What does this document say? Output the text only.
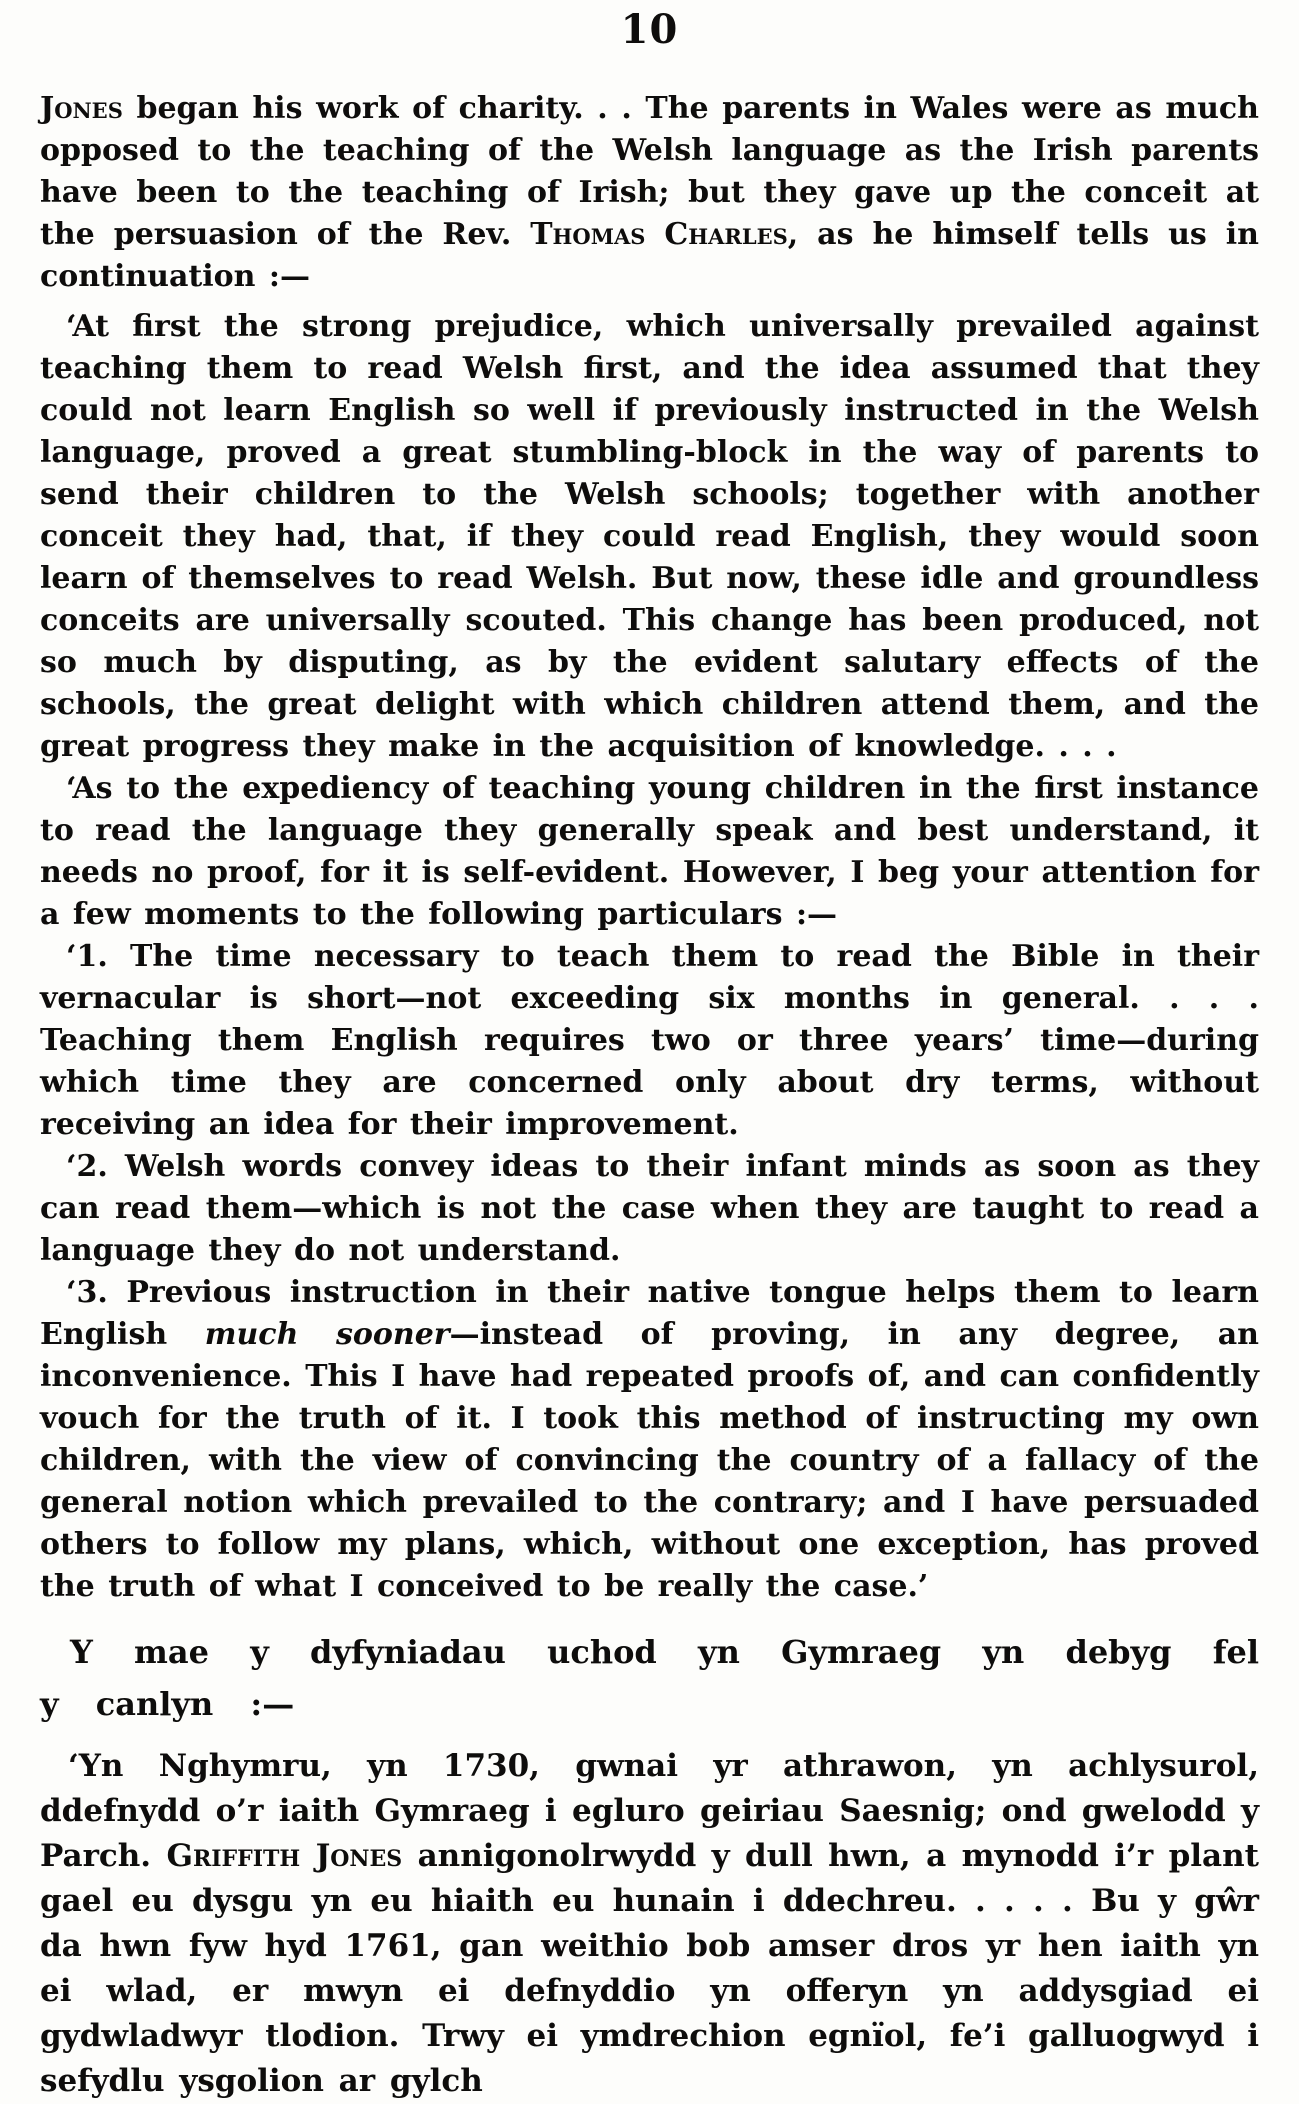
10

Jones began his work of charity. . . The parents in Wales were as much opposed to the teaching of the Welsh language as the Irish parents have been to the teaching of Irish; but they gave up the conceit at the persuasion of the Rev. Thomas Charles, as he himself tells us in continuation :—

‘At first the strong prejudice, which universally prevailed against teaching them to read Welsh first, and the idea assumed that they could not learn English so well if previously instructed in the Welsh language, proved a great stumbling-block in the way of parents to send their children to the Welsh schools; together with another conceit they had, that, if they could read English, they would soon learn of themselves to read Welsh. But now, these idle and groundless conceits are universally scouted. This change has been produced, not so much by disputing, as by the evident salutary effects of the schools, the great delight with which children attend them, and the great progress they make in the acquisition of knowledge. . . .

‘As to the expediency of teaching young children in the first instance to read the language they generally speak and best understand, it needs no proof, for it is self-evident. However, I beg your attention for a few moments to the following particulars :—

‘1. The time necessary to teach them to read the Bible in their vernacular is short—not exceeding six months in general. . . . Teaching them English requires two or three years’ time—during which time they are concerned only about dry terms, without receiving an idea for their improvement.

‘2. Welsh words convey ideas to their infant minds as soon as they can read them—which is not the case when they are taught to read a language they do not understand.

‘3. Previous instruction in their native tongue helps them to learn English much sooner—instead of proving, in any degree, an inconvenience. This I have had repeated proofs of, and can confidently vouch for the truth of it. I took this method of instructing my own children, with the view of convincing the country of a fallacy of the general notion which prevailed to the contrary; and I have persuaded others to follow my plans, which, without one exception, has proved the truth of what I conceived to be really the case.’

Y mae y dyfyniadau uchod yn Gymraeg yn debyg fel y canlyn :—

‘Yn Nghymru, yn 1730, gwnai yr athrawon, yn achlysurol, ddefnydd o’r iaith Gymraeg i egluro geiriau Saesnig; ond gwelodd y Parch. Griffith Jones annigonolrwydd y dull hwn, a mynodd i’r plant gael eu dysgu yn eu hiaith eu hunain i ddechreu. . . . . Bu y gŵr da hwn fyw hyd 1761, gan weithio bob amser dros yr hen iaith yn ei wlad, er mwyn ei defnyddio yn offeryn yn addysgiad ei gydwladwyr tlodion. Trwy ei ymdrechion egnïol, fe’i galluogwyd i sefydlu ysgolion ar gylch
